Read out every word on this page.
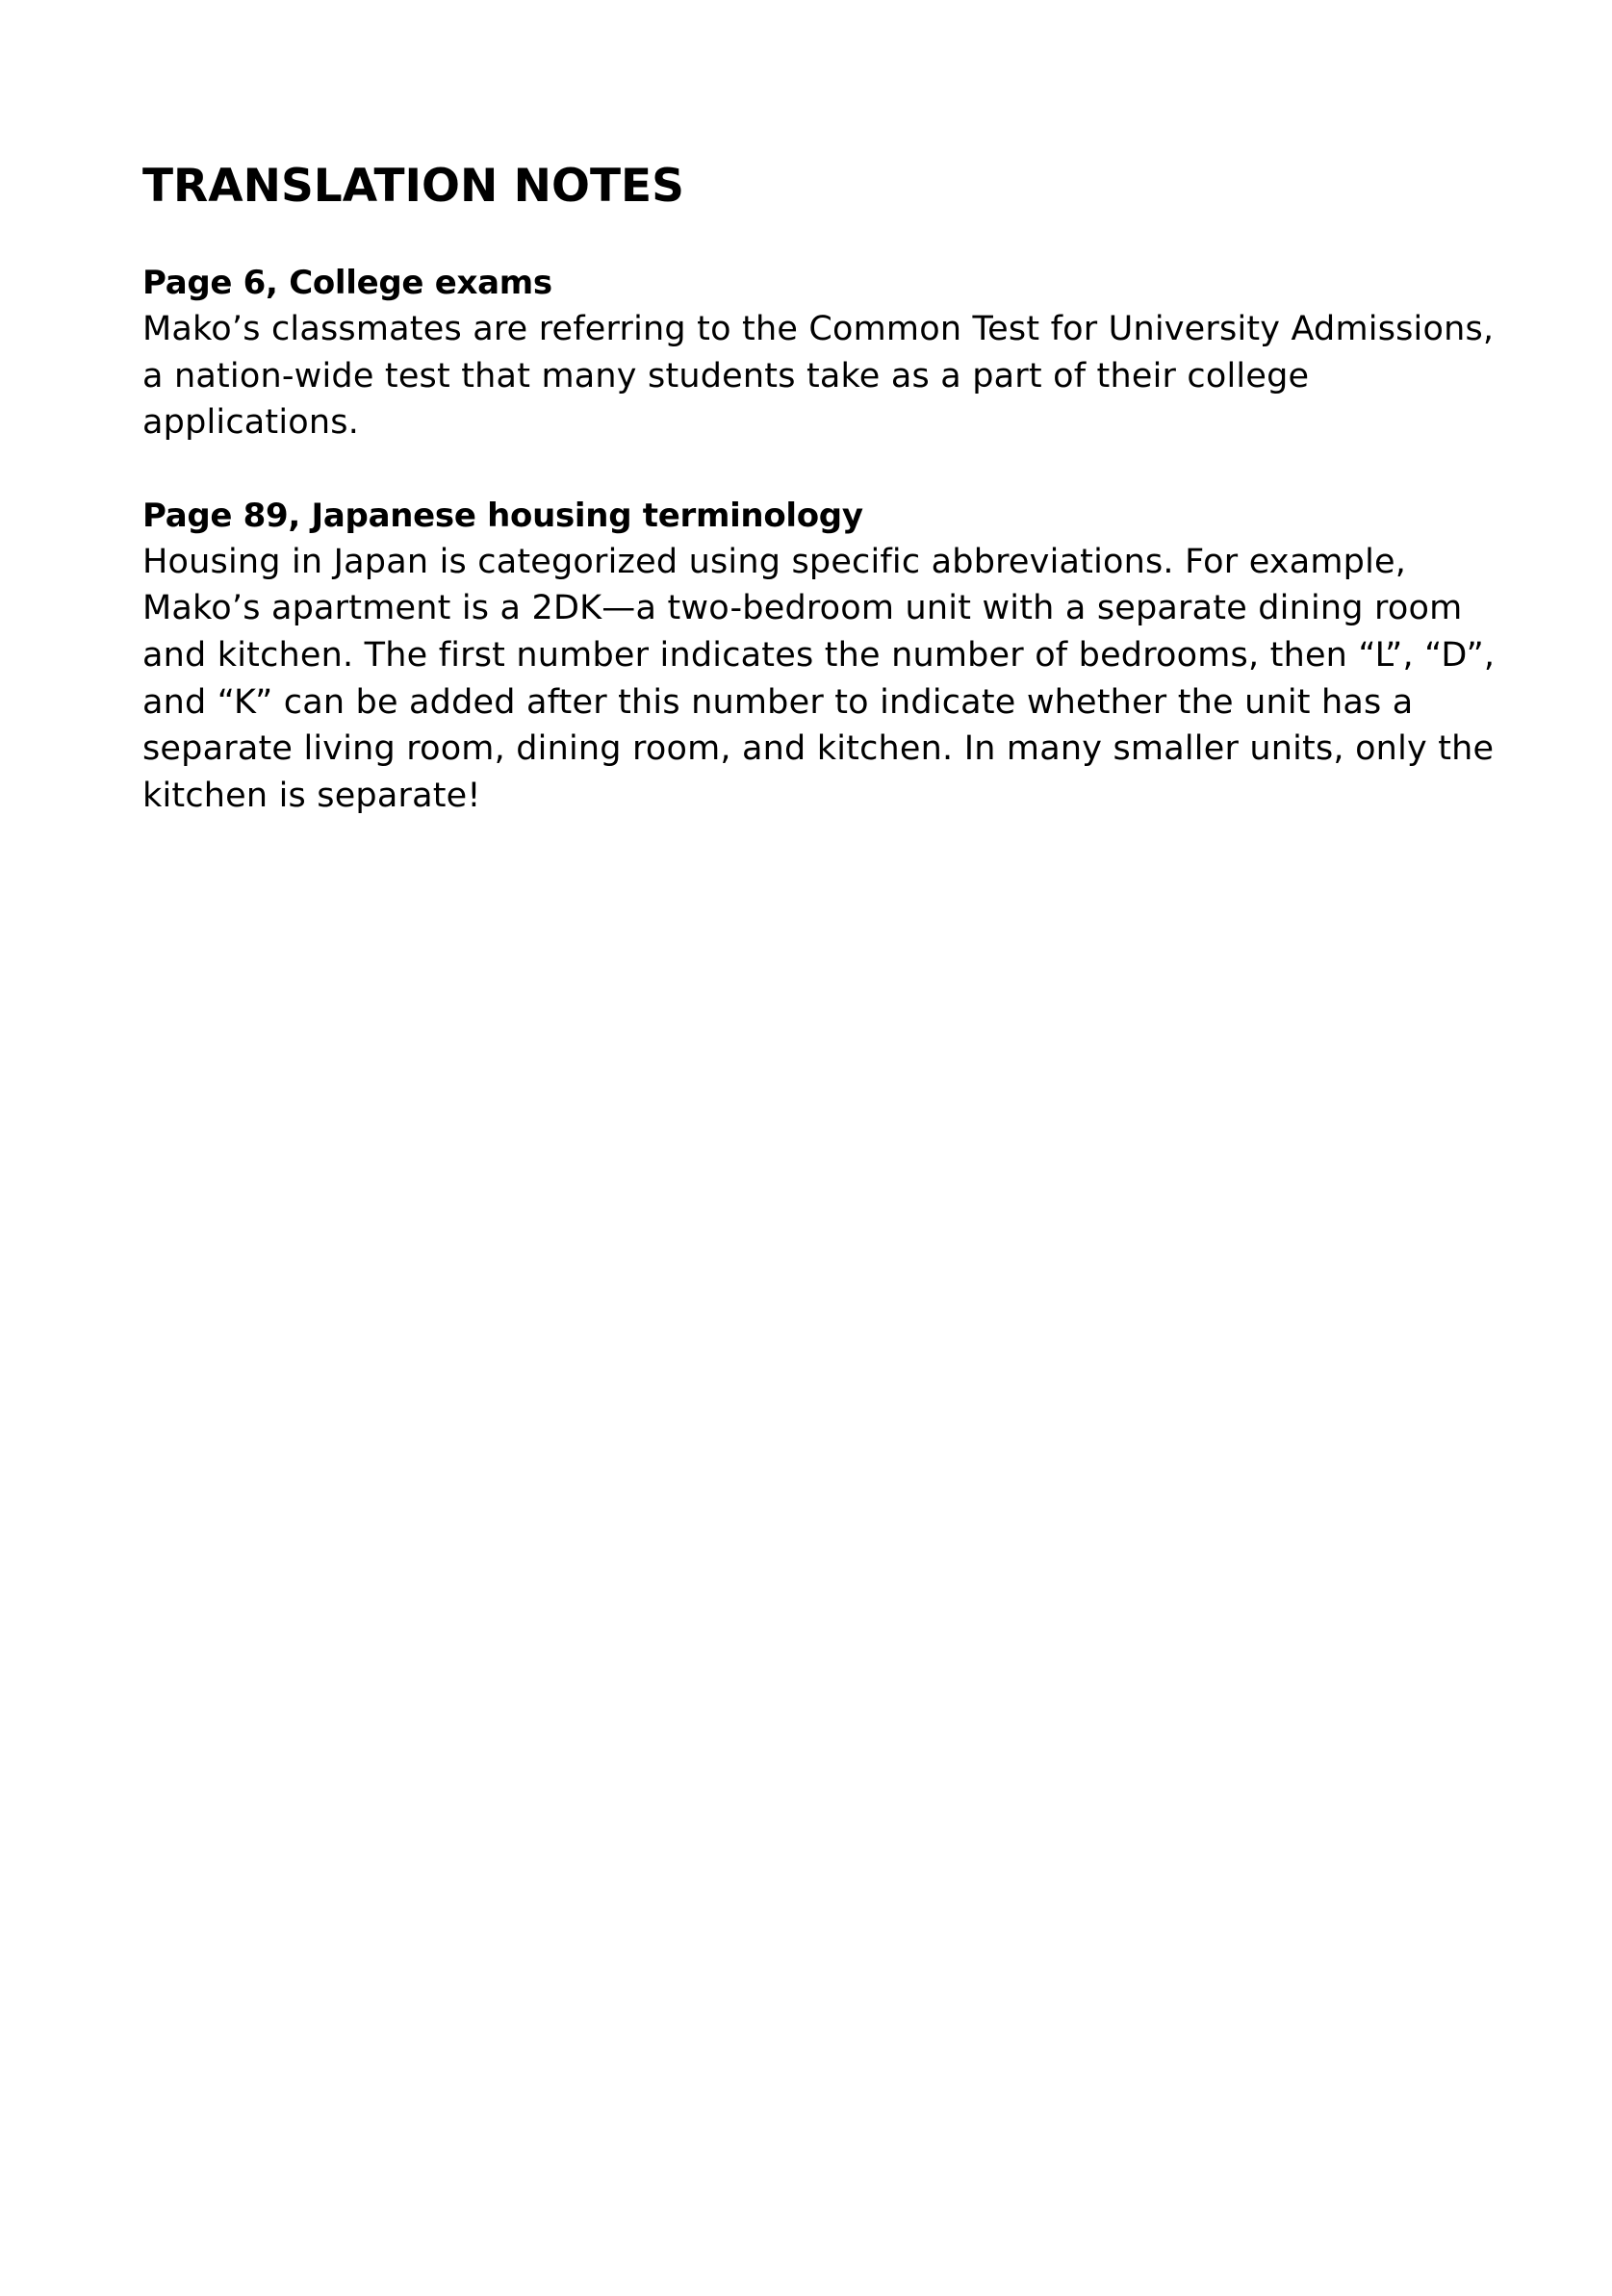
TRANSLATION NOTES
Page 6, College exams

Mako’s classmates are referring to the Common Test for University Admissions, a nation-wide test that many students take as a part of their college applications.

Page 89, Japanese housing terminology

Housing in Japan is categorized using specific abbreviations. For example, Mako’s apartment is a 2DK—a two-bedroom unit with a separate dining room and kitchen. The first number indicates the number of bedrooms, then “L”, “D”, and “K” can be added after this number to indicate whether the unit has a separate living room, dining room, and kitchen. In many smaller units, only the kitchen is separate!
